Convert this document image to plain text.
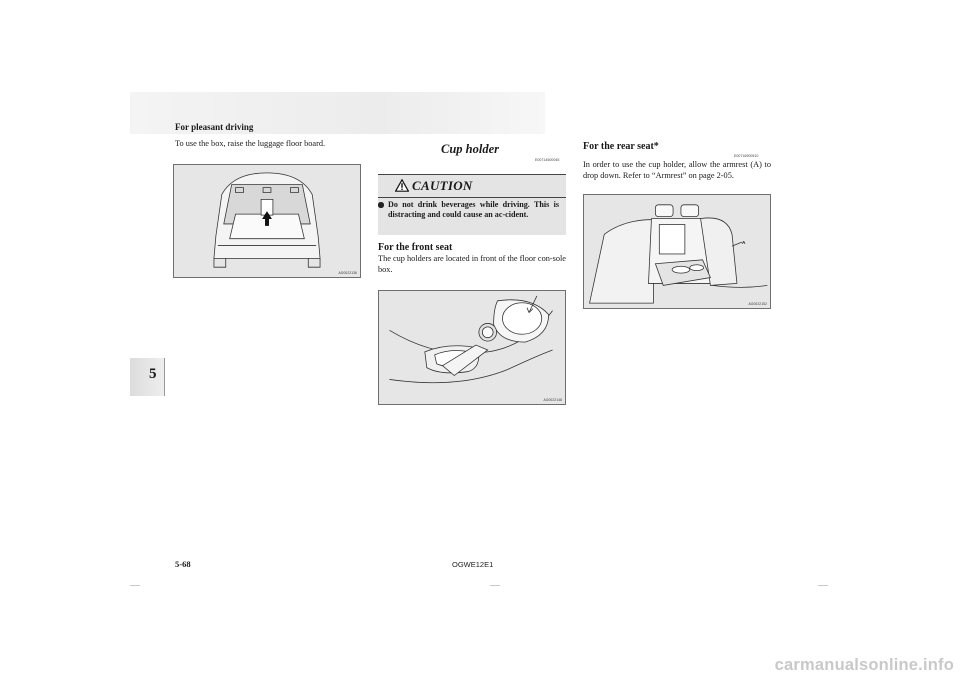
For pleasant driving

To use the box, raise the luggage floor board.

AG0022136
Cup holder
E00714500045
CAUTION
Do not drink beverages while driving. This is distracting and could cause an ac-cident.
For the front seat

The cup holders are located in front of the floor con-sole box.

AG0022148
For the rear seat*
E00716900510

In order to use the cup holder, allow the armrest (A) to drop down. Refer to “Armrest” on page 2-05.

A
AG0022152
5
5-68	OGWE12E1
carmanualsonline.info
